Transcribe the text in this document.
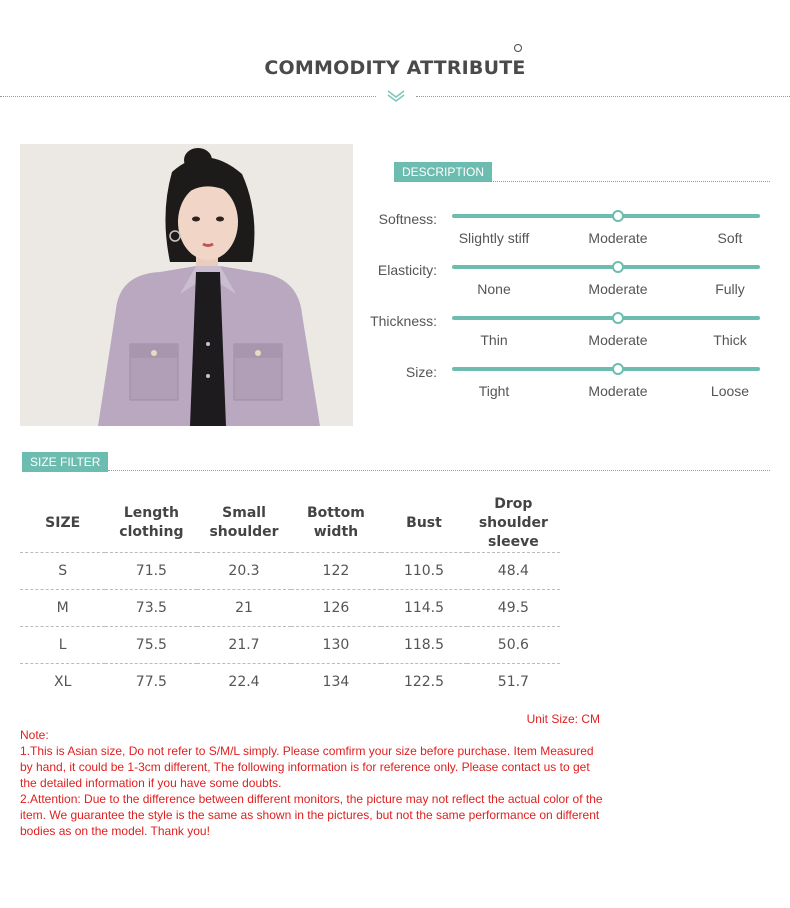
COMMODITY ATTRIBUTE
DESCRIPTION
Softness:
Slightly stiff	Moderate	Soft
Elasticity:
None	Moderate	Fully
Thickness:
Thin	Moderate	Thick
Size:
Tight	Moderate	Loose
SIZE FILTER
SIZE	Length clothing	Small shoulder	Bottom width	Bust	Drop shoulder sleeve
S	71.5	20.3	122	110.5	48.4
M	73.5	21	126	114.5	49.5
L	75.5	21.7	130	118.5	50.6
XL	77.5	22.4	134	122.5	51.7
Unit Size: CM

Note:

1.This is Asian size, Do not refer to S/M/L simply. Please comfirm your size before purchase. Item Measured by hand, it could be 1-3cm different, The following information is for reference only. Please contact us to get the detailed information if you have some doubts.

2.Attention: Due to the difference between different monitors, the picture may not reflect the actual color of the item. We guarantee the style is the same as shown in the pictures, but not the same performance on different bodies as on the model. Thank you!
